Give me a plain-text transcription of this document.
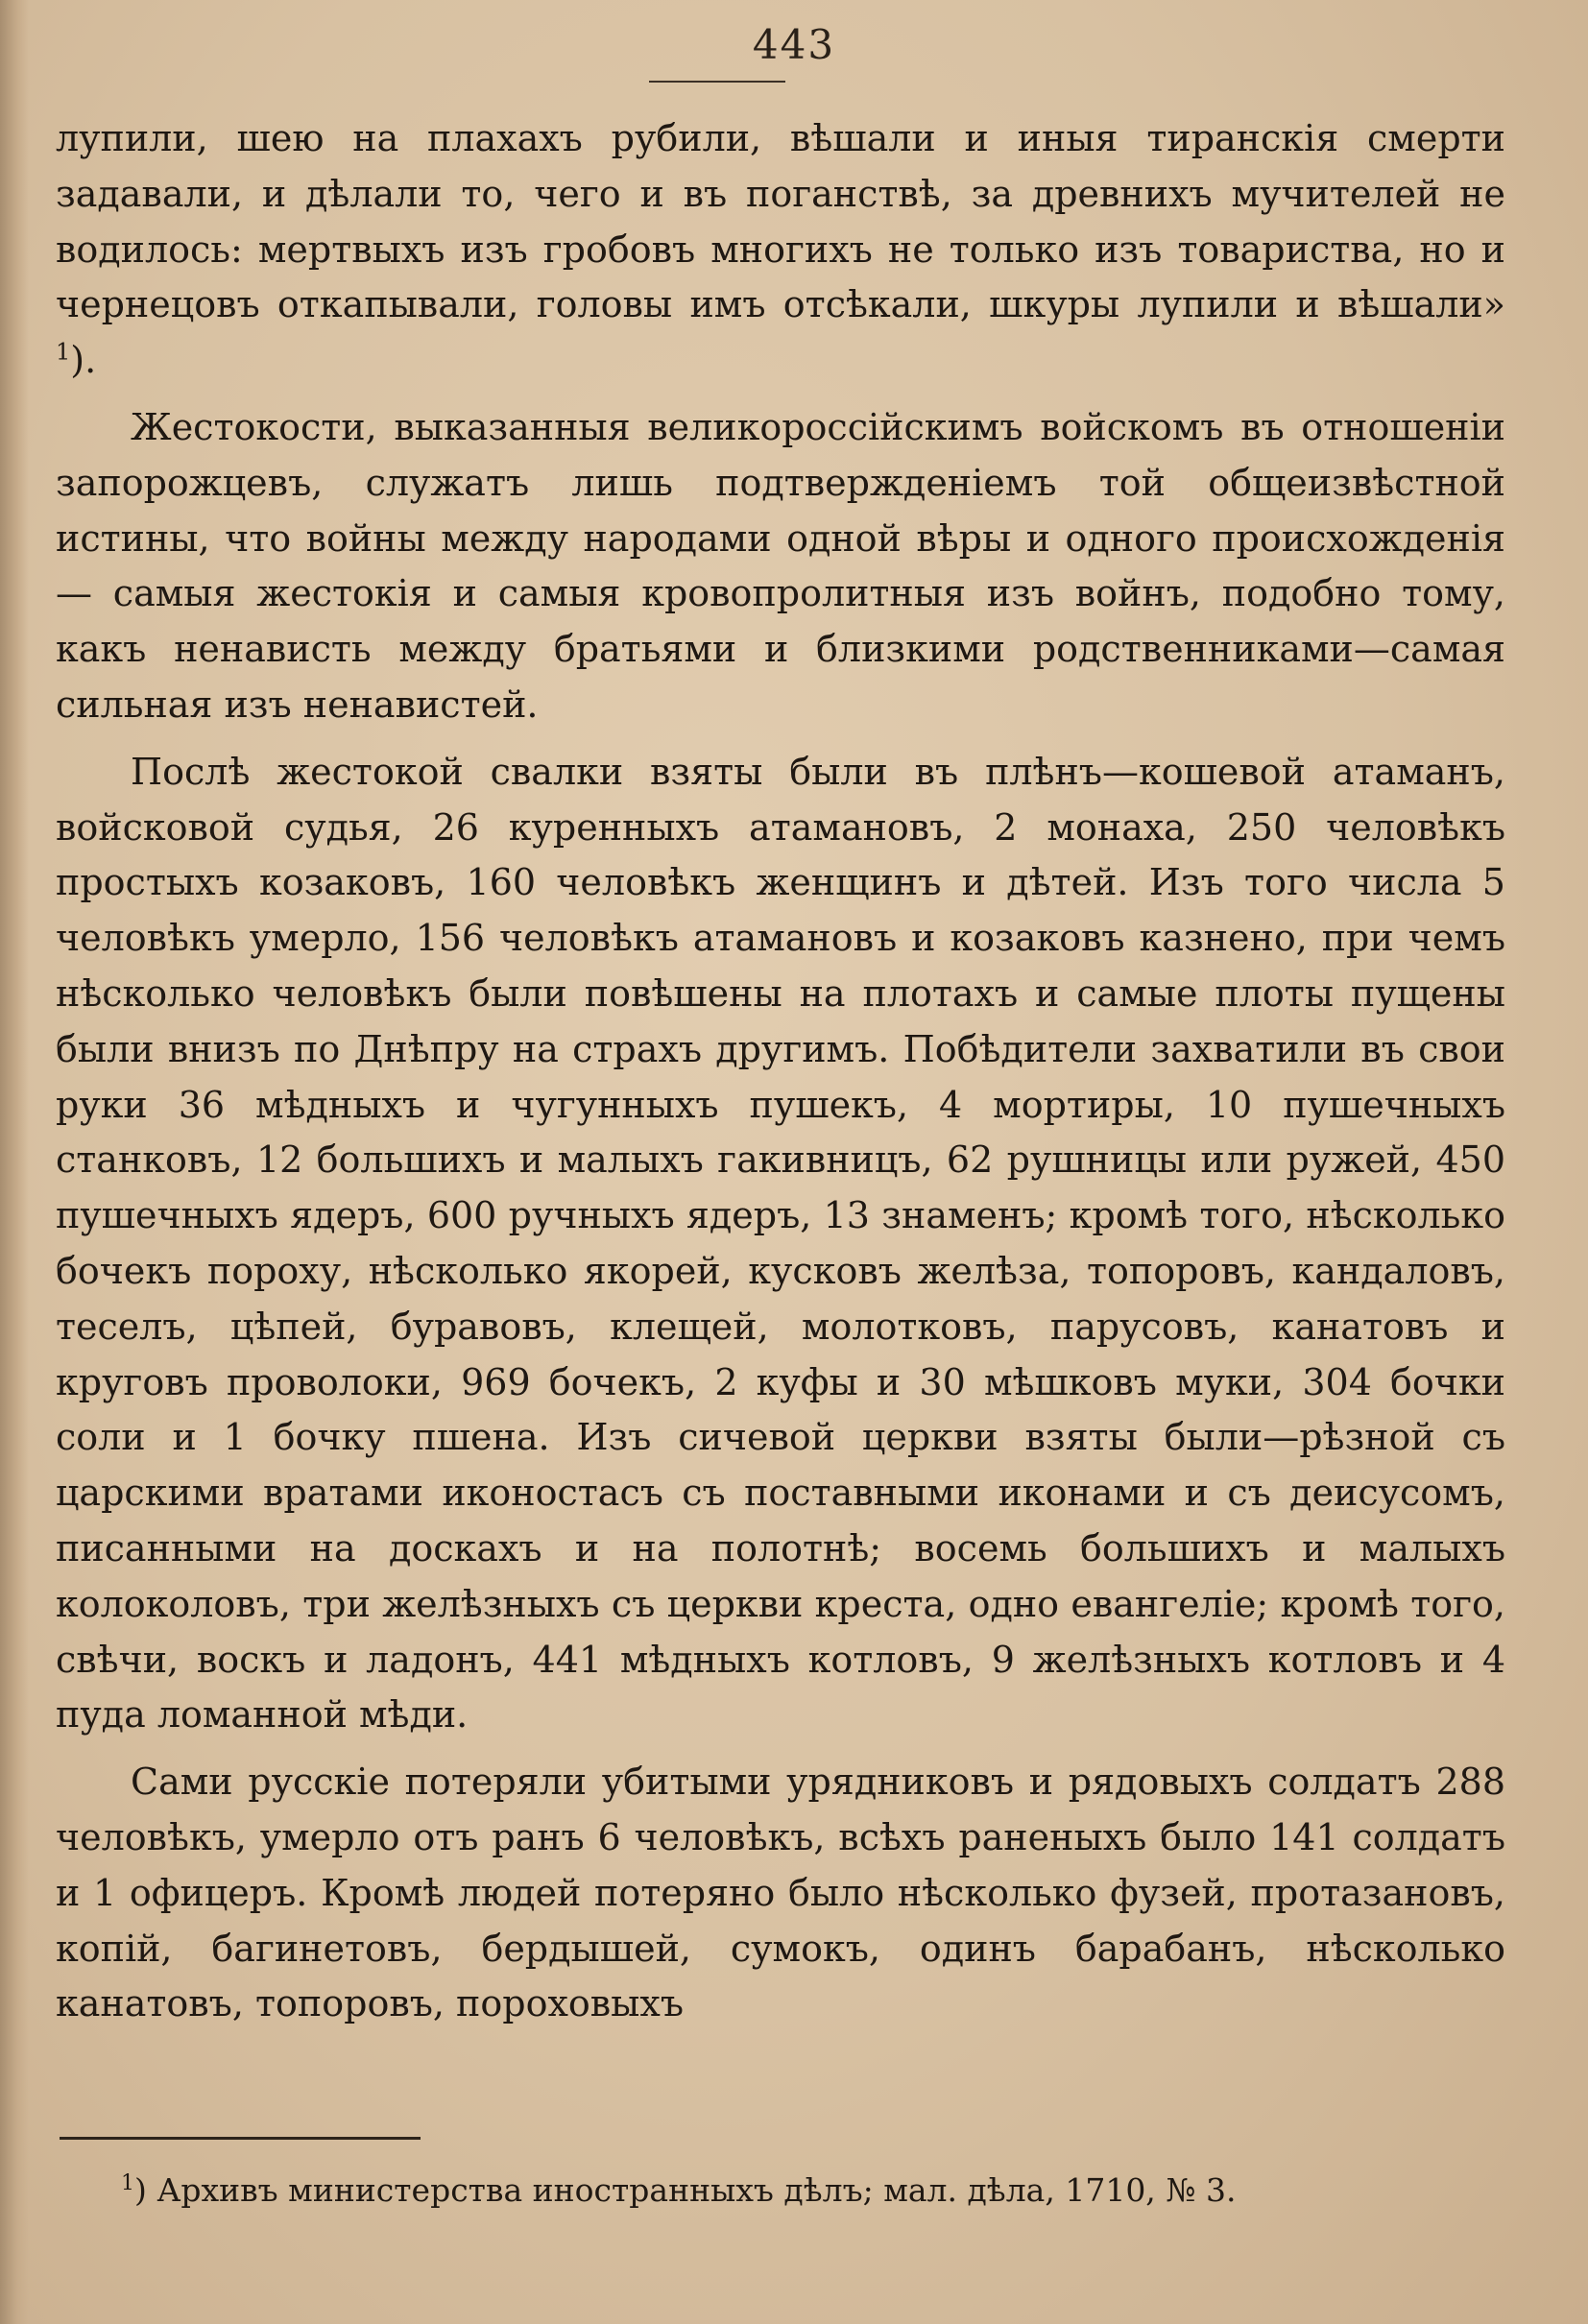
443

лупили, шею на плахахъ рубили, вѣшали и иныя тиранскія смерти задавали, и дѣлали то, чего и въ поганствѣ, за древнихъ мучителей не водилось: мертвыхъ изъ гробовъ многихъ не только изъ товариства, но и чернецовъ откапывали, головы имъ отсѣкали, шкуры лупили и вѣшали» $^1$).

Жестокости, выказанныя великороссійскимъ войскомъ въ отношеніи запорожцевъ, служатъ лишь подтвержденіемъ той общеизвѣстной истины, что войны между народами одной вѣры и одного происхожденія — самыя жестокія и самыя кровопролитныя изъ войнъ, подобно тому, какъ ненависть между братьями и близкими родственниками—самая сильная изъ ненавистей.

Послѣ жестокой свалки взяты были въ плѣнъ—кошевой атаманъ, войсковой судья, 26 куренныхъ атамановъ, 2 монаха, 250 человѣкъ простыхъ козаковъ, 160 человѣкъ женщинъ и дѣтей. Изъ того числа 5 человѣкъ умерло, 156 человѣкъ атамановъ и козаковъ казнено, при чемъ нѣсколько человѣкъ были повѣшены на плотахъ и самые плоты пущены были внизъ по Днѣпру на страхъ другимъ. Побѣдители захватили въ свои руки 36 мѣдныхъ и чугунныхъ пушекъ, 4 мортиры, 10 пушечныхъ станковъ, 12 большихъ и малыхъ гакивницъ, 62 рушницы или ружей, 450 пушечныхъ ядеръ, 600 ручныхъ ядеръ, 13 знаменъ; кромѣ того, нѣсколько бочекъ пороху, нѣсколько якорей, кусковъ желѣза, топоровъ, кандаловъ, теселъ, цѣпей, буравовъ, клещей, молотковъ, парусовъ, канатовъ и круговъ проволоки, 969 бочекъ, 2 куфы и 30 мѣшковъ муки, 304 бочки соли и 1 бочку пшена. Изъ сичевой церкви взяты были—рѣзной съ царскими вратами иконостасъ съ поставными иконами и съ деисусомъ, писанными на доскахъ и на полотнѣ; восемь большихъ и малыхъ колоколовъ, три желѣзныхъ съ церкви креста, одно евангеліе; кромѣ того, свѣчи, воскъ и ладонъ, 441 мѣдныхъ котловъ, 9 желѣзныхъ котловъ и 4 пуда ломанной мѣди.

Сами русскіе потеряли убитыми урядниковъ и рядовыхъ солдатъ 288 человѣкъ, умерло отъ ранъ 6 человѣкъ, всѣхъ раненыхъ было 141 солдатъ и 1 офицеръ. Кромѣ людей потеряно было нѣсколько фузей, протазановъ, копій, багинетовъ, бердышей, сумокъ, одинъ барабанъ, нѣсколько канатовъ, топоровъ, пороховыхъ

$^1$) Архивъ министерства иностранныхъ дѣлъ; мал. дѣла, 1710, № 3.
